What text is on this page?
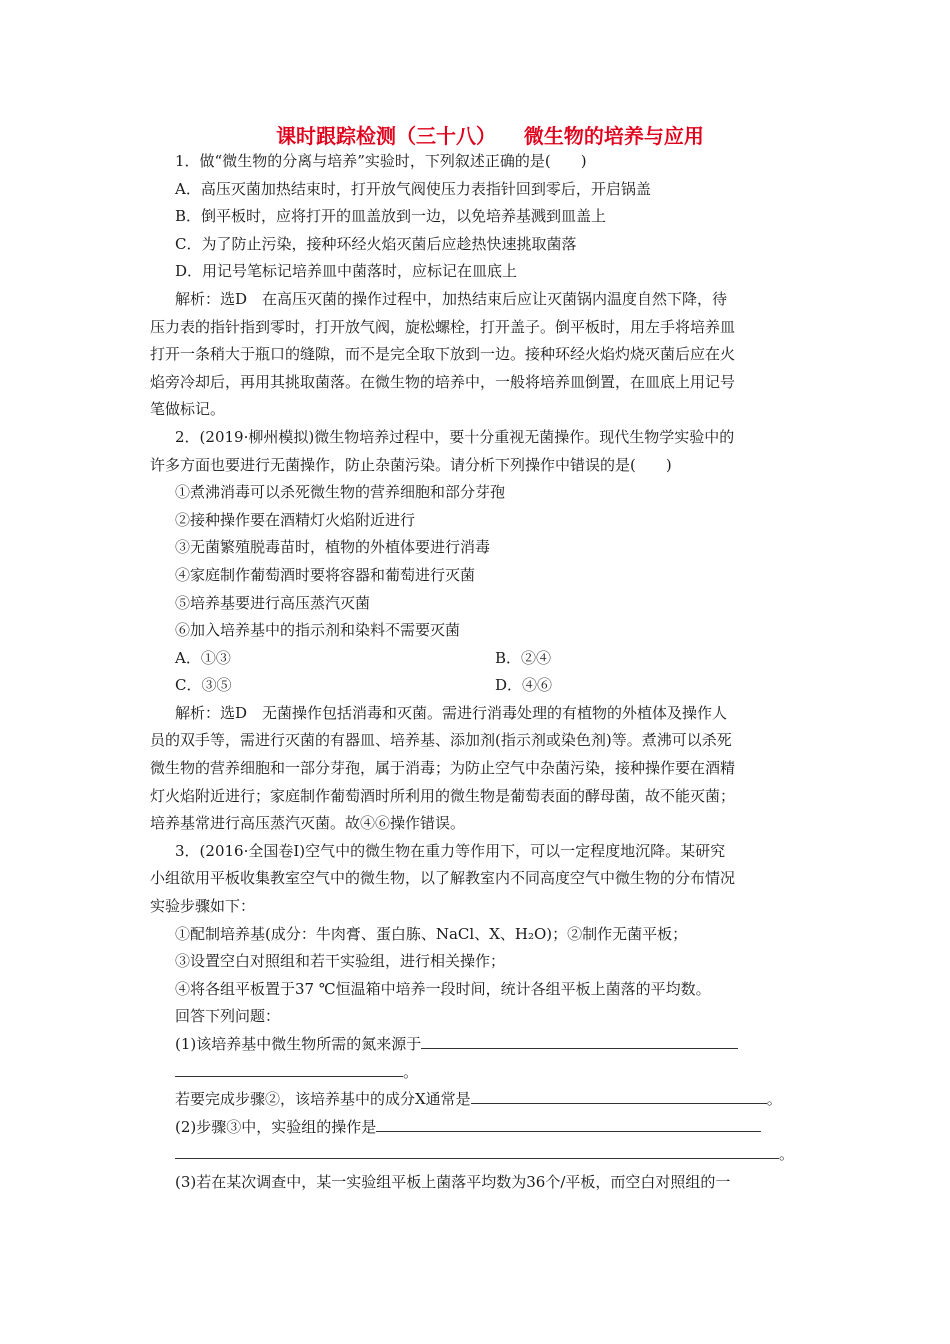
课时跟踪检测（三十八）    微生物的培养与应用

1．做“微生物的分离与培养”实验时，下列叙述正确的是(　　)

A．高压灭菌加热结束时，打开放气阀使压力表指针回到零后，开启锅盖

B．倒平板时，应将打开的皿盖放到一边，以免培养基溅到皿盖上

C．为了防止污染，接种环经火焰灭菌后应趁热快速挑取菌落

D．用记号笔标记培养皿中菌落时，应标记在皿底上

解析：选D　在高压灭菌的操作过程中，加热结束后应让灭菌锅内温度自然下降，待

压力表的指针指到零时，打开放气阀，旋松螺栓，打开盖子。倒平板时，用左手将培养皿

打开一条稍大于瓶口的缝隙，而不是完全取下放到一边。接种环经火焰灼烧灭菌后应在火

焰旁冷却后，再用其挑取菌落。在微生物的培养中，一般将培养皿倒置，在皿底上用记号

笔做标记。

2．(2019·柳州模拟)微生物培养过程中，要十分重视无菌操作。现代生物学实验中的

许多方面也要进行无菌操作，防止杂菌污染。请分析下列操作中错误的是(　　)

①煮沸消毒可以杀死微生物的营养细胞和部分芽孢

②接种操作要在酒精灯火焰附近进行

③无菌繁殖脱毒苗时，植物的外植体要进行消毒

④家庭制作葡萄酒时要将容器和葡萄进行灭菌

⑤培养基要进行高压蒸汽灭菌

⑥加入培养基中的指示剂和染料不需要灭菌

A．①③	B．②④
C．③⑤	D．④⑥

解析：选D　无菌操作包括消毒和灭菌。需进行消毒处理的有植物的外植体及操作人

员的双手等，需进行灭菌的有器皿、培养基、添加剂(指示剂或染色剂)等。煮沸可以杀死

微生物的营养细胞和一部分芽孢，属于消毒；为防止空气中杂菌污染，接种操作要在酒精

灯火焰附近进行；家庭制作葡萄酒时所利用的微生物是葡萄表面的酵母菌，故不能灭菌；

培养基常进行高压蒸汽灭菌。故④⑥操作错误。

3．(2016·全国卷Ⅰ)空气中的微生物在重力等作用下，可以一定程度地沉降。某研究

小组欲用平板收集教室空气中的微生物，以了解教室内不同高度空气中微生物的分布情况

实验步骤如下：

①配制培养基(成分：牛肉膏、蛋白胨、NaCl、X、H₂O)；②制作无菌平板；

③设置空白对照组和若干实验组，进行相关操作；

④将各组平板置于37 ℃恒温箱中培养一段时间，统计各组平板上菌落的平均数。

回答下列问题：

(1)该培养基中微生物所需的氮来源于

。

若要完成步骤②，该培养基中的成分X通常是	。

(2)步骤③中，实验组的操作是

。

(3)若在某次调查中，某一实验组平板上菌落平均数为36个/平板，而空白对照组的一
